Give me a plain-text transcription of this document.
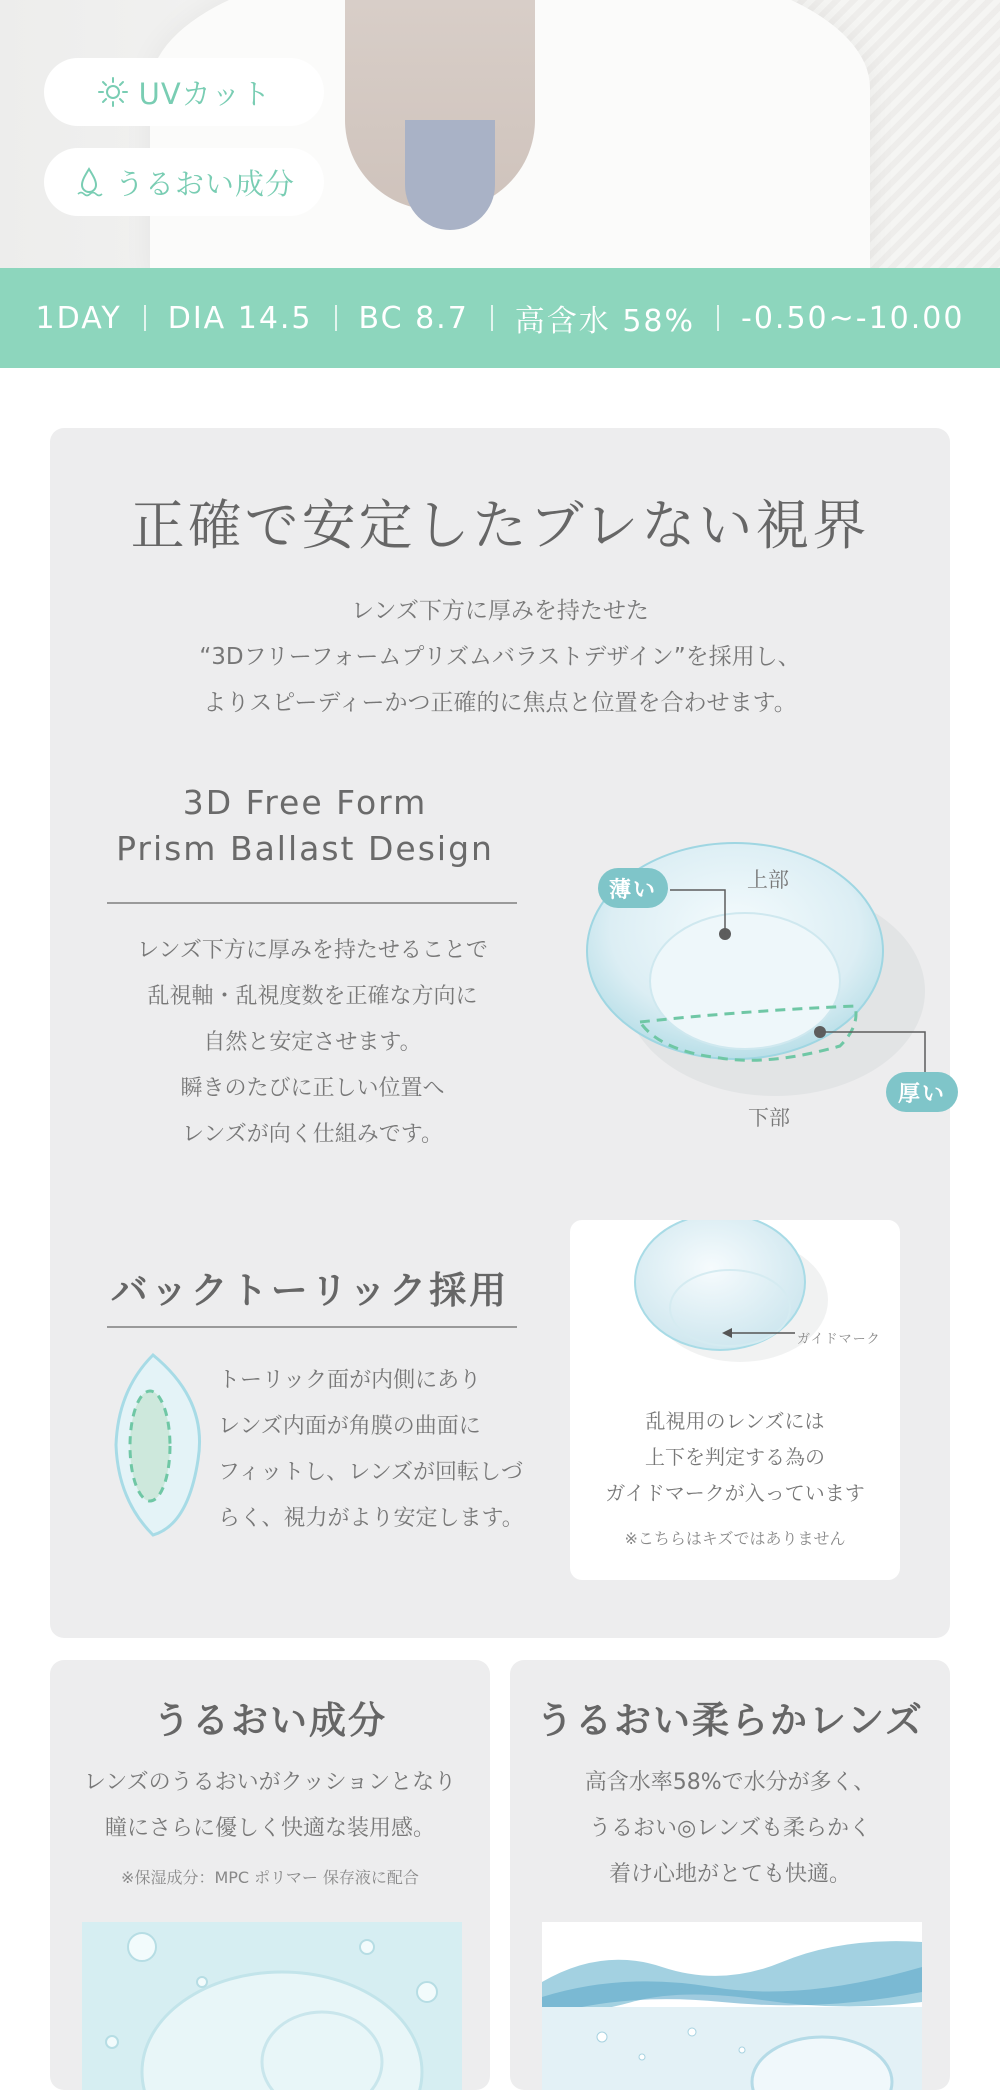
UVカット
うるおい成分
1DAY	DIA 14.5	BC 8.7	高含水 58%	-0.50~-10.00
正確で安定したブレない視界

レンズ下方に厚みを持たせた
“3Dフリーフォームプリズムバラストデザイン”を採用し、
よりスピーディーかつ正確的に焦点と位置を合わせます。

3D Free Form
Prism Ballast Design
レンズ下方に厚みを持たせることで
乱視軸・乱視度数を正確な方向に
自然と安定させます。
瞬きのたびに正しい位置へ
レンズが向く仕組みです。
薄い	上部
厚い
下部
バックトーリック採用
トーリック面が内側にあり
レンズ内面が角膜の曲面に
フィットし、レンズが回転しづ
らく、視力がより安定します。
ガイドマーク
乱視用のレンズには
上下を判定する為の
ガイドマークが入っています
※こちらはキズではありません
うるおい成分
レンズのうるおいがクッションとなり
瞳にさらに優しく快適な装用感。
※保湿成分：MPC ポリマー 保存液に配合
うるおい柔らかレンズ
高含水率58%で水分が多く、
うるおい◎レンズも柔らかく
着け心地がとても快適。
